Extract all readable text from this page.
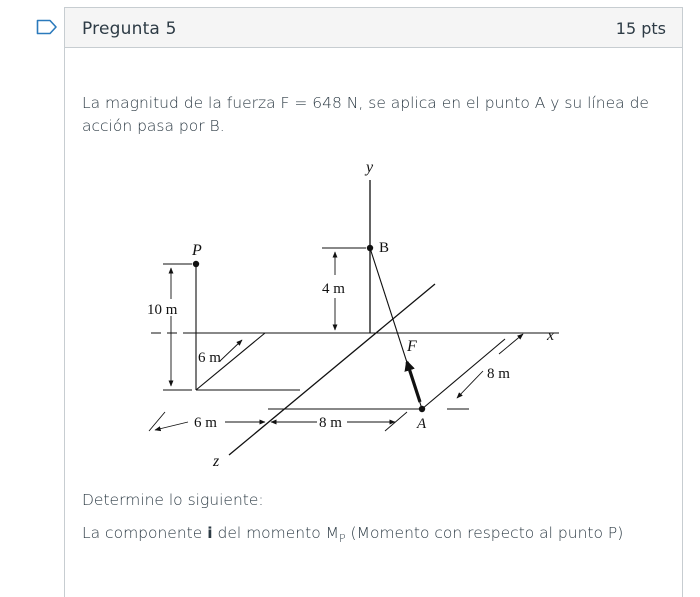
Pregunta 5	15 pts
La magnitud de la fuerza F = 648 N, se aplica en el punto A y su línea de acción pasa por B.
y
x
z
P
10 m
B
4 m
F
A
6 m
6 m	8 m
8 m
Determine lo siguiente:
La componente i del momento $M_P$ (Momento con respecto al punto P)
